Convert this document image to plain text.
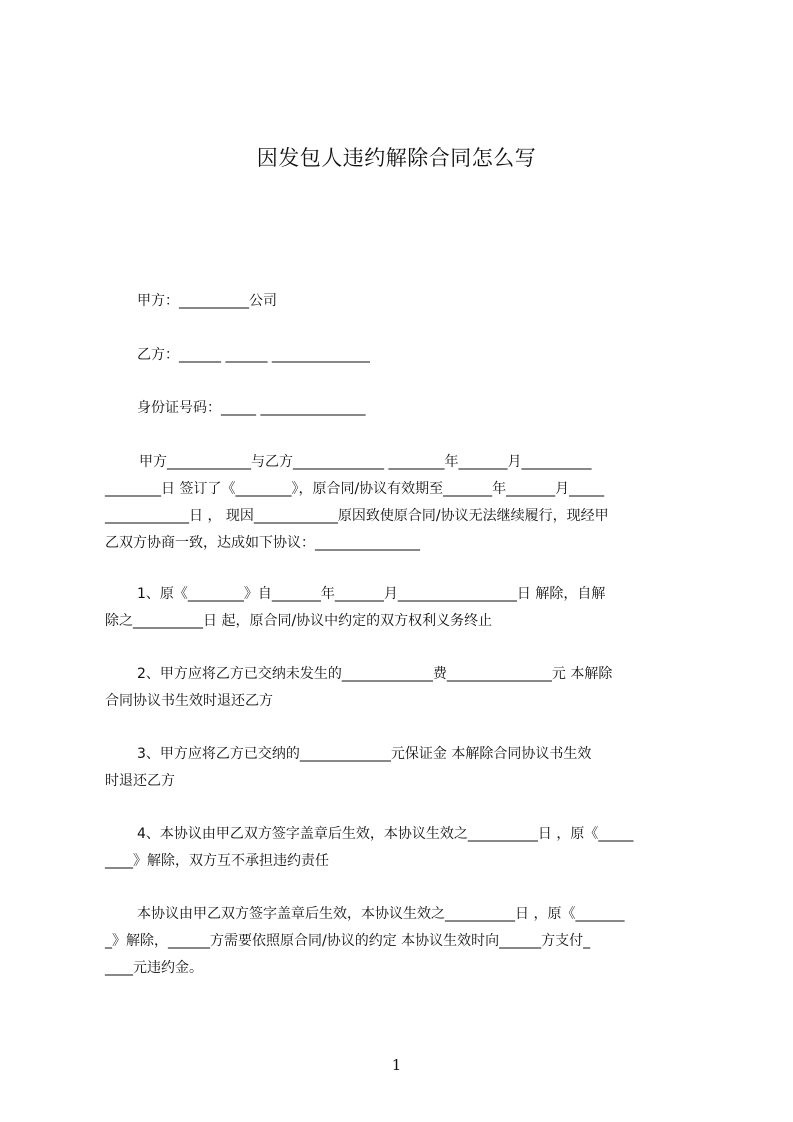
因发包人违约解除合同怎么写
甲方：__________公司
乙方：______ ______ ______________
身份证号码：_____ _______________
甲方____________与乙方_____________ ________年_______月__________
________日 签订了《________》，原合同/协议有效期至_______年_______月_____
____________日 ， 现因____________原因致使原合同/协议无法继续履行，现经甲
乙双方协商一致，达成如下协议：_______________
1、原《________》自_______年_______月_________________日 解除，自解
除之__________日 起，原合同/协议中约定的双方权利义务终止
2、甲方应将乙方已交纳未发生的_____________费_______________元 本解除
合同协议书生效时退还乙方
3、甲方应将乙方已交纳的_____________元保证金 本解除合同协议书生效
时退还乙方
4、本协议由甲乙双方签字盖章后生效，本协议生效之__________日 ，原《_____
____》解除，双方互不承担违约责任
本协议由甲乙双方签字盖章后生效，本协议生效之__________日 ，原《_______
_》解除，______方需要依照原合同/协议的约定 本协议生效时向______方支付_
____元违约金。
1
